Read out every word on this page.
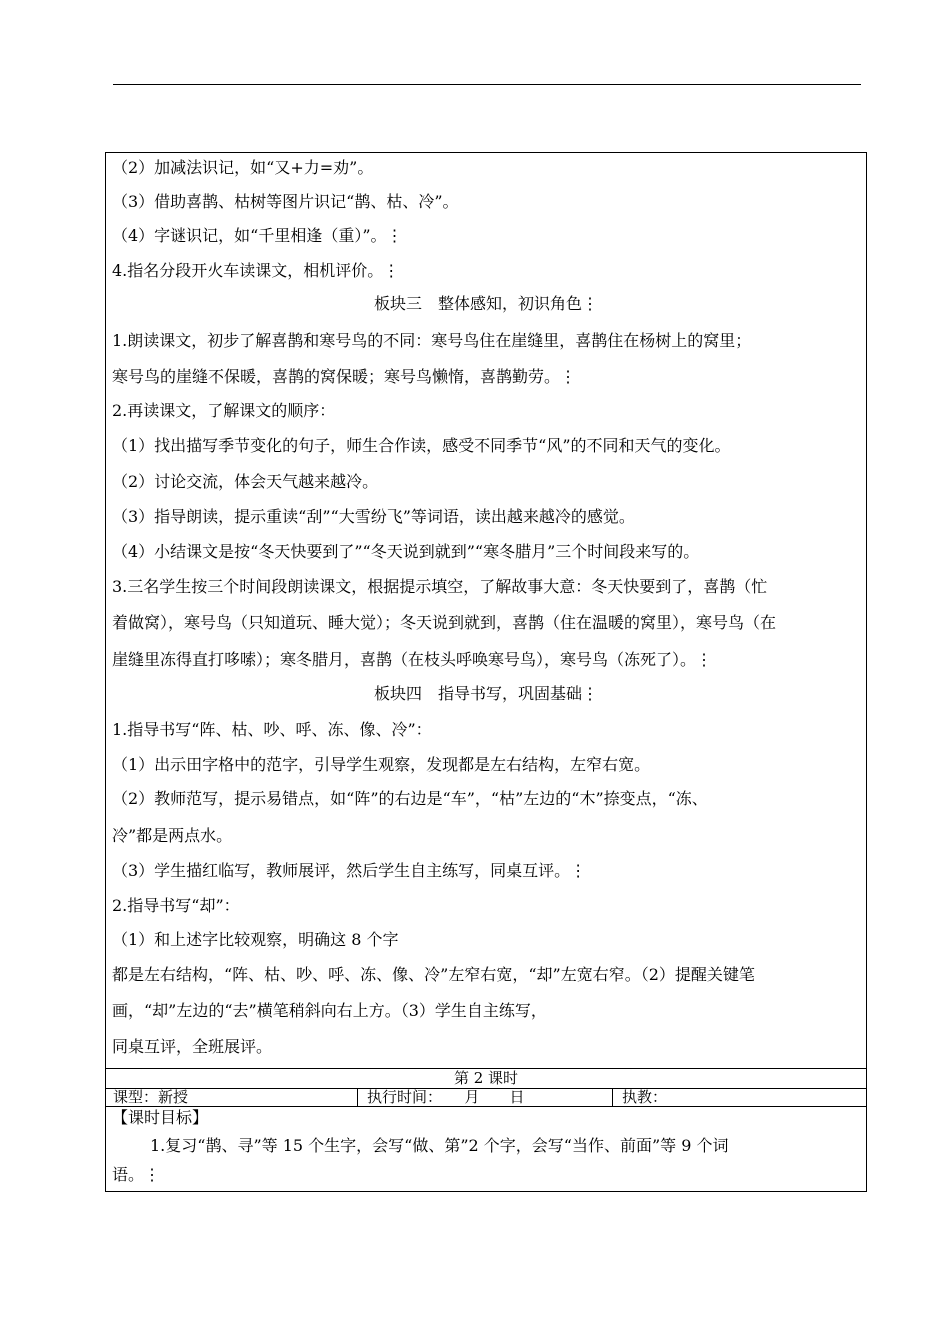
（2）加减法识记，如“又+力=劝”。
（3）借助喜鹊、枯树等图片识记“鹊、枯、冷”。
（4）字谜识记，如“千里相逢（重）”。⋮
4.指名分段开火车读课文，相机评价。⋮
板块三　整体感知，初识角色⋮
1.朗读课文，初步了解喜鹊和寒号鸟的不同：寒号鸟住在崖缝里，喜鹊住在杨树上的窝里；
寒号鸟的崖缝不保暖，喜鹊的窝保暖；寒号鸟懒惰，喜鹊勤劳。⋮
2.再读课文，了解课文的顺序：
（1）找出描写季节变化的句子，师生合作读，感受不同季节“风”的不同和天气的变化。
（2）讨论交流，体会天气越来越冷。
（3）指导朗读，提示重读“刮”“大雪纷飞”等词语，读出越来越冷的感觉。
（4）小结课文是按“冬天快要到了”“冬天说到就到”“寒冬腊月”三个时间段来写的。
3.三名学生按三个时间段朗读课文，根据提示填空，了解故事大意：冬天快要到了，喜鹊（忙
着做窝），寒号鸟（只知道玩、睡大觉）；冬天说到就到，喜鹊（住在温暖的窝里），寒号鸟（在
崖缝里冻得直打哆嗦）；寒冬腊月，喜鹊（在枝头呼唤寒号鸟），寒号鸟（冻死了）。⋮
板块四　指导书写，巩固基础⋮
1.指导书写“阵、枯、吵、呼、冻、像、冷”：
（1）出示田字格中的范字，引导学生观察，发现都是左右结构，左窄右宽。
（2）教师范写，提示易错点，如“阵”的右边是“车”，“枯”左边的“木”捺变点，“冻、
冷”都是两点水。
（3）学生描红临写，教师展评，然后学生自主练写，同桌互评。⋮
2.指导书写“却”：
（1）和上述字比较观察，明确这 8 个字
都是左右结构，“阵、枯、吵、呼、冻、像、冷”左窄右宽，“却”左宽右窄。（2）提醒关键笔
画，“却”左边的“去”横笔稍斜向右上方。（3）学生自主练写，
同桌互评，全班展评。
第 2 课时
课型：新授	执行时间：　　月　　日	执教：
【课时目标】
1.复习“鹊、寻”等 15 个生字，会写“做、第”2 个字，会写“当作、前面”等 9 个词
语。⋮
